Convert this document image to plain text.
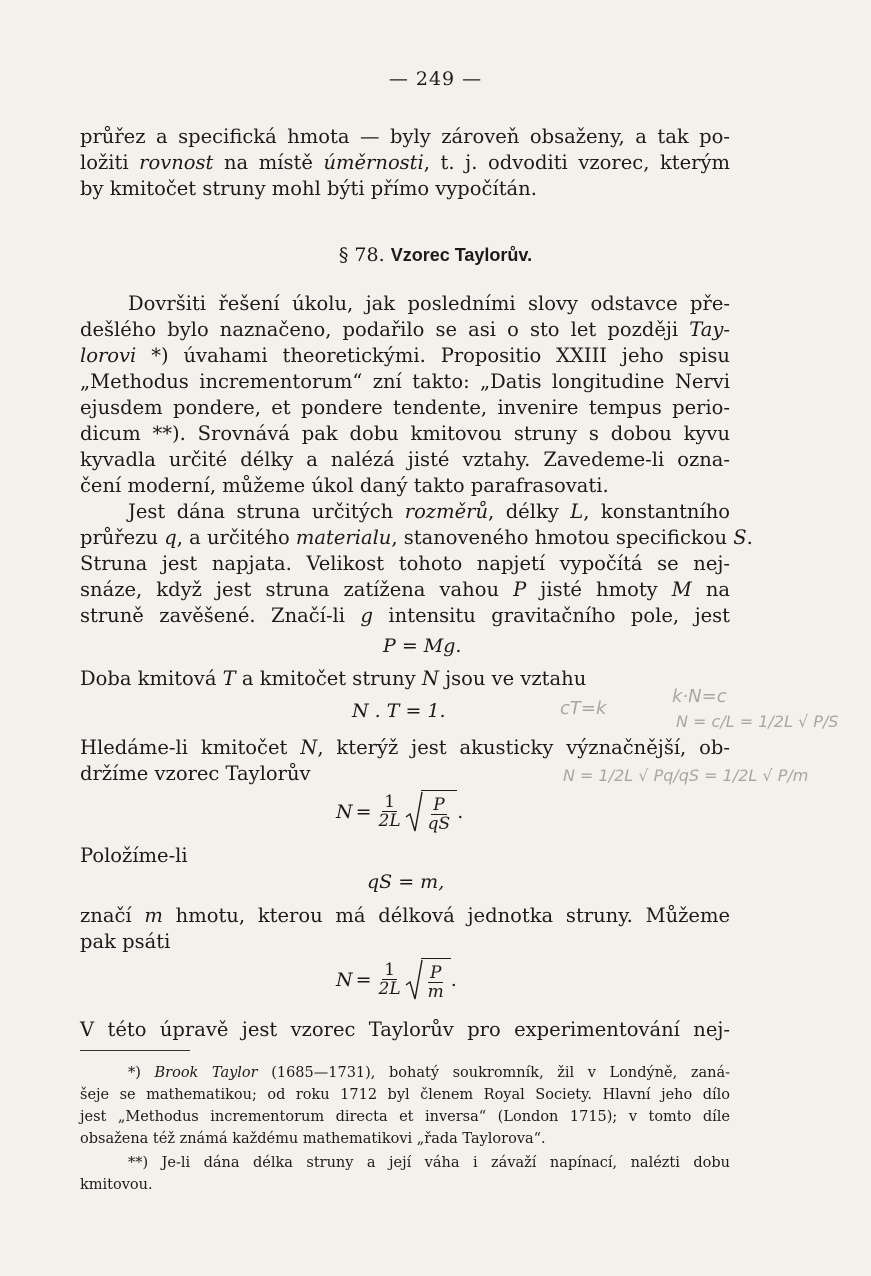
— 249 —
průřez a specifická hmota — byly zároveň obsaženy, a tak po-
ložiti rovnost na místě úměrnosti, t. j. odvoditi vzorec, kterým
by kmitočet struny mohl býti přímo vypočítán.
§ 78. Vzorec Taylorův.
Dovršiti řešení úkolu, jak posledními slovy odstavce pře-
dešlého bylo naznačeno, podařilo se asi o sto let později Tay-
lorovi *) úvahami theoretickými. Propositio XXIII jeho spisu
„Methodus incrementorum“ zní takto: „Datis longitudine Nervi
ejusdem pondere, et pondere tendente, invenire tempus perio-
dicum **). Srovnává pak dobu kmitovou struny s dobou kyvu
kyvadla určité délky a nalézá jisté vztahy. Zavedeme-li ozna-
čení moderní, můžeme úkol daný takto parafrasovati.
Jest dána struna určitých rozměrů, délky L, konstantního
průřezu q, a určitého materialu, stanoveného hmotou specifickou S.
Struna jest napjata. Velikost tohoto napjetí vypočítá se nej-
snáze, když jest struna zatížena vahou P jisté hmoty M na
struně zavěšené. Značí-li g intensitu gravitačního pole, jest
P = Mg.
Doba kmitová T a kmitočet struny N jsou ve vztahu
N . T = 1.
Hledáme-li kmitočet N, kterýž jest akusticky význačnější, ob-
držíme vzorec Taylorův
$N = \frac{1}{2L} \frac{P}{qS}$ .
Položíme-li
qS = m,
značí m hmotu, kterou má délková jednotka struny. Můžeme
pak psáti
$N = \frac{1}{2L} \frac{P}{m}$ .
V této úpravě jest vzorec Taylorův pro experimentování nej-
*) Brook Taylor (1685—1731), bohatý soukromník, žil v Londýně, zaná-
šeje se mathematikou; od roku 1712 byl členem Royal Society. Hlavní jeho dílo
jest „Methodus incrementorum directa et inversa“ (London 1715); v tomto díle
obsažena též známá každému mathematikovi „řada Taylorova“.
**) Je-li dána délka struny a její váha i závaží napínací, nalézti dobu
kmitovou.
cT=k
k·N=c
N = c/L = 1/2L √ P/S
N = 1/2L √ Pq/qS = 1/2L √ P/m
